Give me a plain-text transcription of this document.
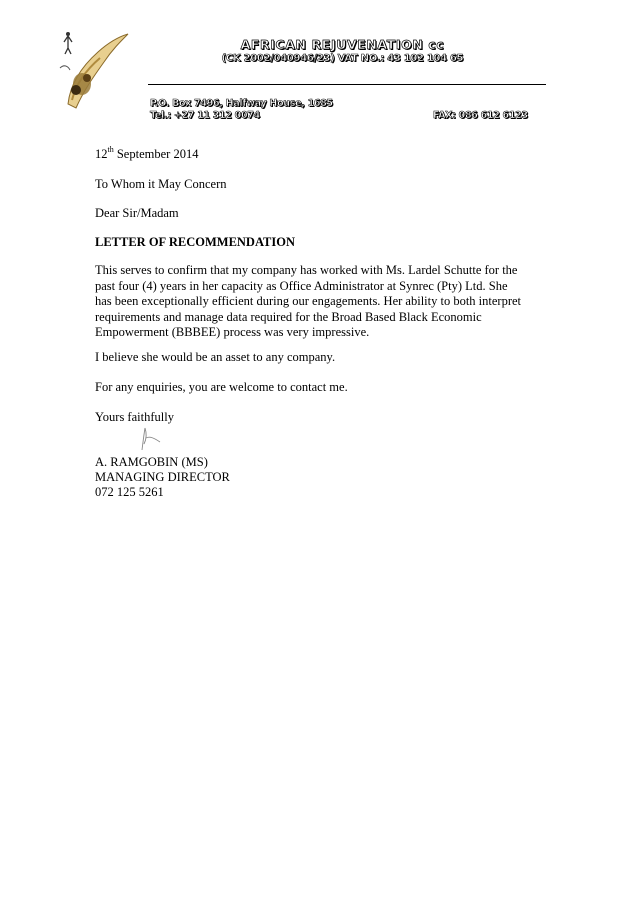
AFRICAN REJUVENATION cc
(CK 2002/040946/23) VAT NO.: 43 102 104 65
P.O. Box 7496, Halfway House, 1685
Tel.: +27 11 312 0074	FAX: 086 612 6123
12th September 2014
To Whom it May Concern
Dear Sir/Madam
LETTER OF RECOMMENDATION
This serves to confirm that my company has worked with Ms. Lardel Schutte for the
past four (4) years in her capacity as Office Administrator at Synrec (Pty) Ltd. She
has been exceptionally efficient during our engagements. Her ability to both interpret
requirements and manage data required for the Broad Based Black Economic
Empowerment (BBBEE) process was very impressive.
I believe she would be an asset to any company.
For any enquiries, you are welcome to contact me.
Yours faithfully
A. RAMGOBIN (MS)
MANAGING DIRECTOR
072 125 5261
